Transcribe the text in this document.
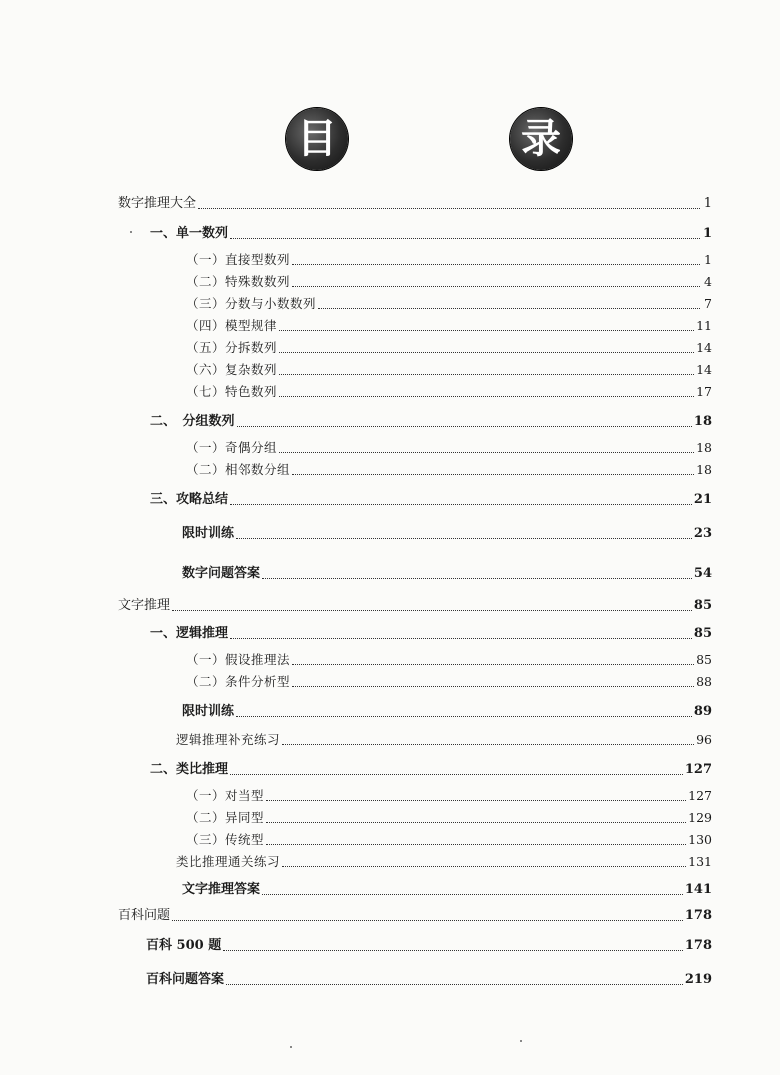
目	录
数字推理大全	1
一、单一数列	1
（一）直接型数列	1
（二）特殊数数列	4
（三）分数与小数数列	7
（四）模型规律	11
（五）分拆数列	14
（六）复杂数列	14
（七）特色数列	17
二、　分组数列	18
（一）奇偶分组	18
（二）相邻数分组	18
三、攻略总结	21
限时训练	23
数字问题答案	54
文字推理	85
一、逻辑推理	85
（一）假设推理法	85
（二）条件分析型	88
限时训练	89
逻辑推理补充练习	96
二、类比推理	127
（一）对当型	127
（二）异同型	129
（三）传统型	130
类比推理通关练习	131
文字推理答案	141
百科问题	178
百科 500 题	178
百科问题答案	219
